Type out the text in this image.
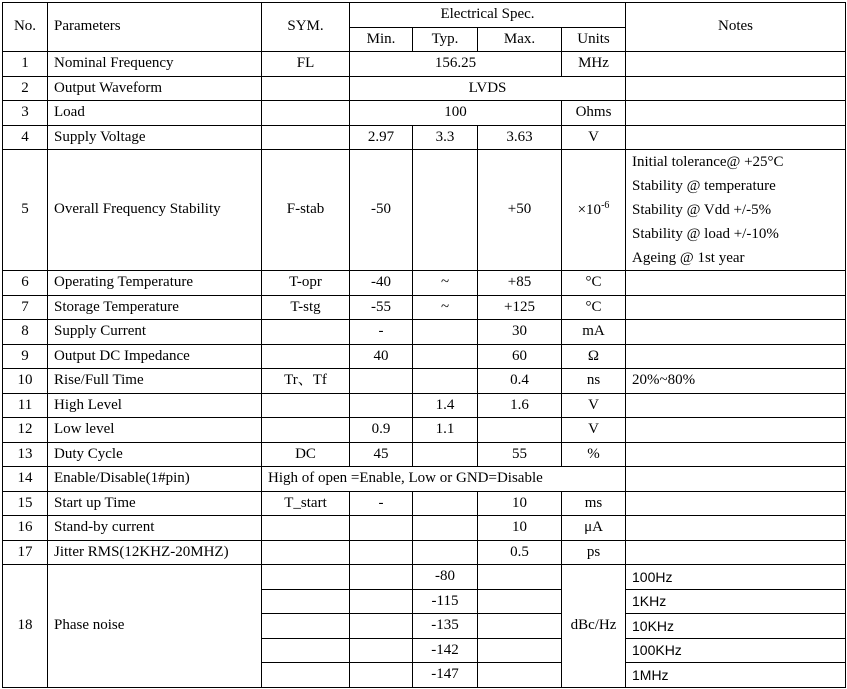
No.	Parameters	SYM.	Electrical Spec.				Notes
			Min.	Typ.	Max.	Units	
1	Nominal Frequency	FL	156.25			MHz	
2	Output Waveform		LVDS				
3	Load		100			Ohms	
4	Supply Voltage		2.97	3.3	3.63	V	
5	Overall Frequency Stability	F-stab	-50		+50	$\times 10^{-6}$	Initial tolerance@ +25°C
Stability @ temperature
Stability @ Vdd +/-5%
Stability @ load +/-10%
Ageing @ 1st year

6	Operating Temperature	T-opr	-40	~	+85	°C	
7	Storage Temperature	T-stg	-55	~	+125	°C	
8	Supply Current		-		30	mA	
9	Output DC Impedance		40		60	Ω	
10	Rise/Full Time	Tr、Tf			0.4	ns	20%~80%
11	High Level			1.4	1.6	V	
12	Low level		0.9	1.1		V	
13	Duty Cycle	DC	45		55	%	
14	Enable/Disable(1#pin)	High of open =Enable, Low or GND=Disable					
15	Start up Time	T_start	-		10	ms	
16	Stand-by current				10	μA	
17	Jitter RMS(12KHZ-20MHZ)				0.5	ps	
18	Phase noise			-80		dBc/Hz	100Hz
				-115			1KHz
				-135			10KHz
				-142			100KHz
				-147			1MHz
